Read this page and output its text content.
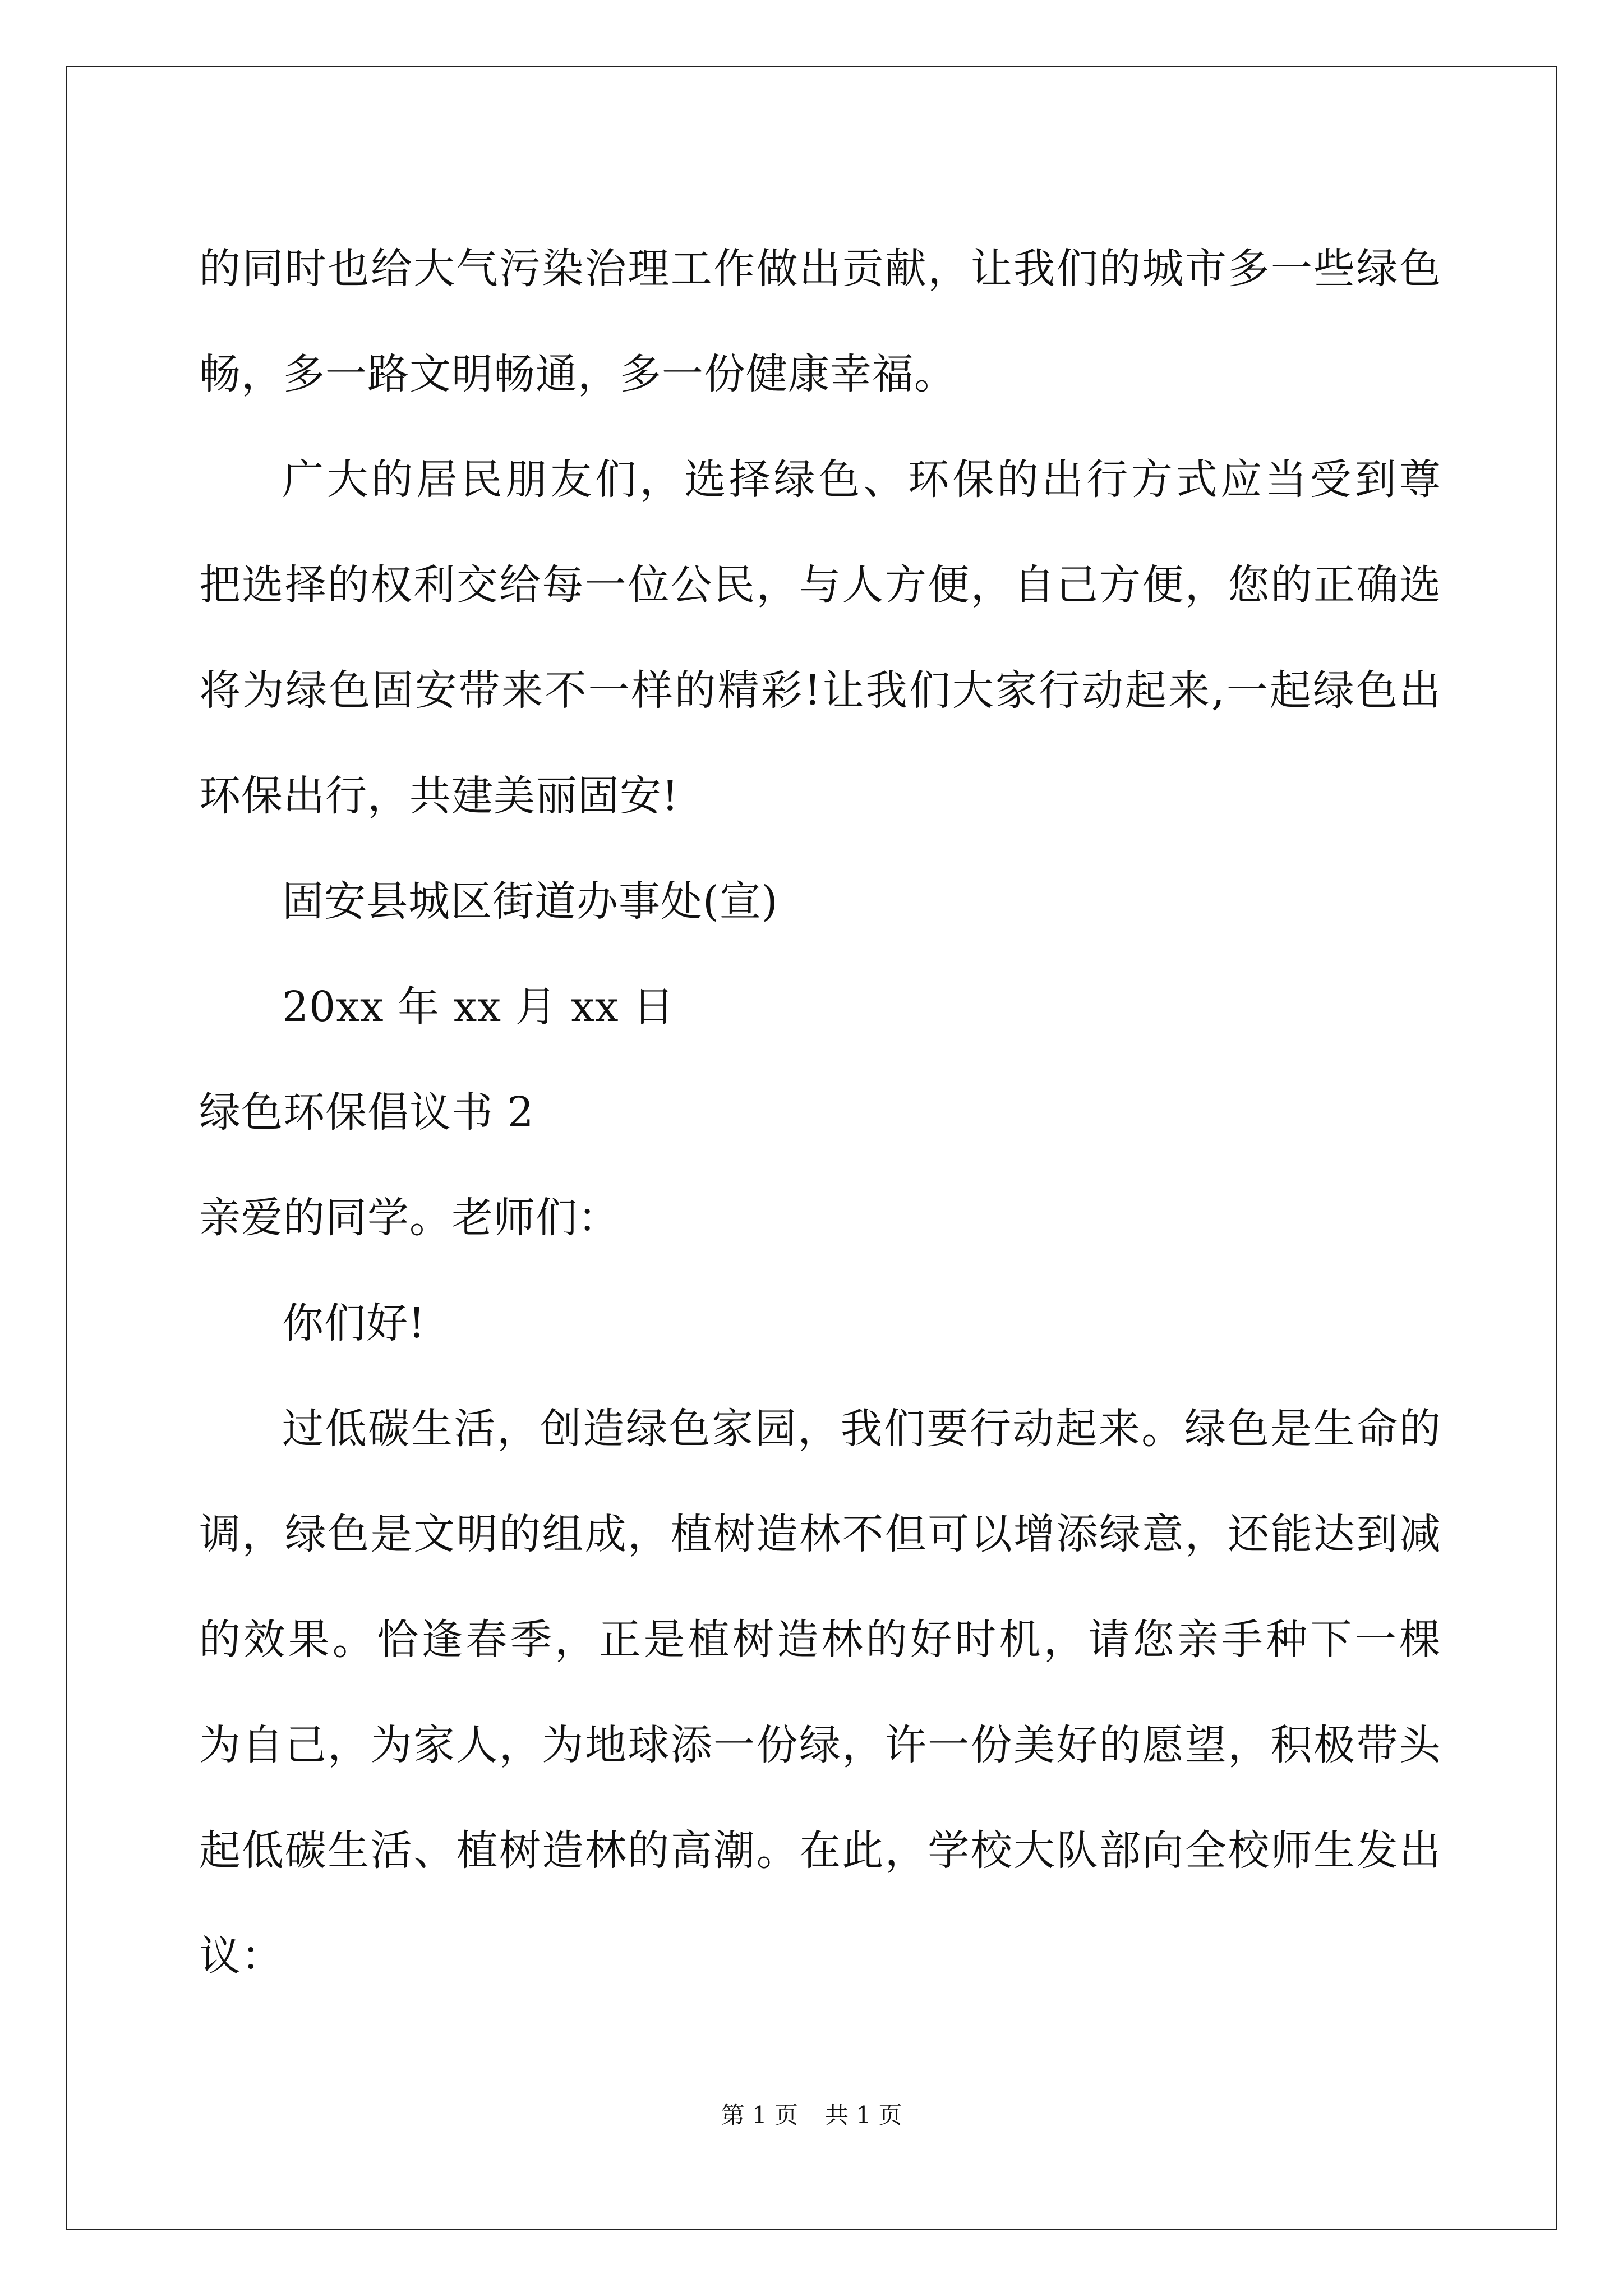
的同时也给大气污染治理工作做出贡献，让我们的城市多一些绿色
畅，多一路文明畅通，多一份健康幸福。
广大的居民朋友们，选择绿色、环保的出行方式应当受到尊
把选择的权利交给每一位公民，与人方便，自己方便，您的正确选
将为绿色固安带来不一样的精彩!让我们大家行动起来,一起绿色出
环保出行，共建美丽固安!
固安县城区街道办事处(宣)
20xx 年 xx 月 xx 日
绿色环保倡议书 2
亲爱的同学。老师们：
你们好!
过低碳生活，创造绿色家园，我们要行动起来。绿色是生命的
调，绿色是文明的组成，植树造林不但可以增添绿意，还能达到减
的效果。恰逢春季，正是植树造林的好时机，请您亲手种下一棵
为自己，为家人，为地球添一份绿，许一份美好的愿望，积极带头
起低碳生活、植树造林的高潮。在此，学校大队部向全校师生发出
议：
第 1 页 共 1 页
